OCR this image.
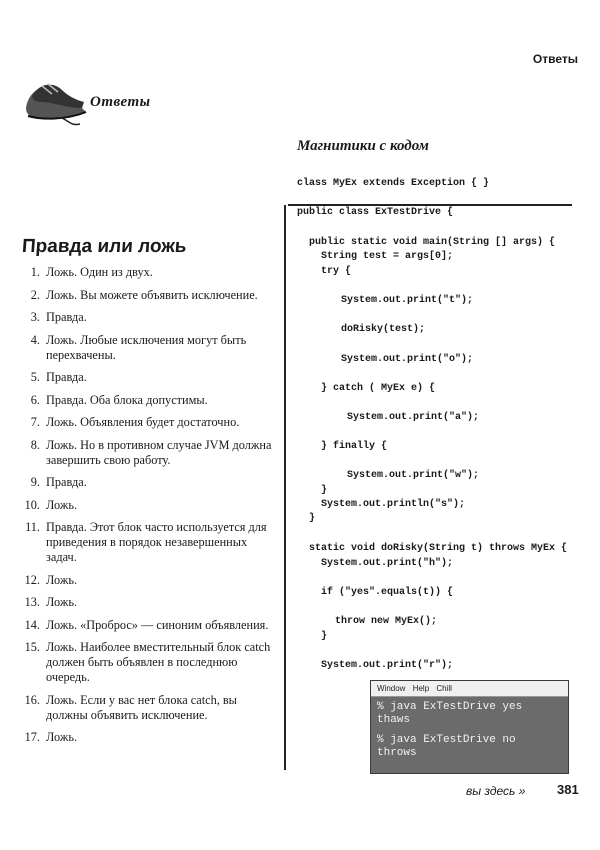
Ответы
Ответы
Магнитики с кодом
Правда или ложь
1. Ложь. Один из двух.
2. Ложь. Вы можете объявить исключение.
3. Правда.
4. Ложь. Любые исключения могут быть перехвачены.
5. Правда.
6. Правда. Оба блока допустимы.
7. Ложь. Объявления будет достаточно.
8. Ложь. Но в противном случае JVM должна завершить свою работу.
9. Правда.
10. Ложь.
11. Правда. Этот блок часто используется для приведения в порядок незавершенных задач.
12. Ложь.
13. Ложь.
14. Ложь. «Проброс» — синоним объявления.
15. Ложь. Наиболее вместительный блок catch должен быть объявлен в последнюю очередь.
16. Ложь. Если у вас нет блока catch, вы должны объявить исключение.
17. Ложь.
class MyEx extends Exception { }
public class ExTestDrive {
public static void main(String [] args) {
String test = args[0];
try {
System.out.print("t");
doRisky(test);
System.out.print("o");
} catch ( MyEx e) {
System.out.print("a");
} finally {
System.out.print("w");
}
System.out.println("s");
}
static void doRisky(String t) throws MyEx {
System.out.print("h");
if ("yes".equals(t)) {
throw new MyEx();
}
System.out.print("r");
Window Help Chill
% java ExTestDrive yes
thaws
% java ExTestDrive no
throws
вы здесь » 381
